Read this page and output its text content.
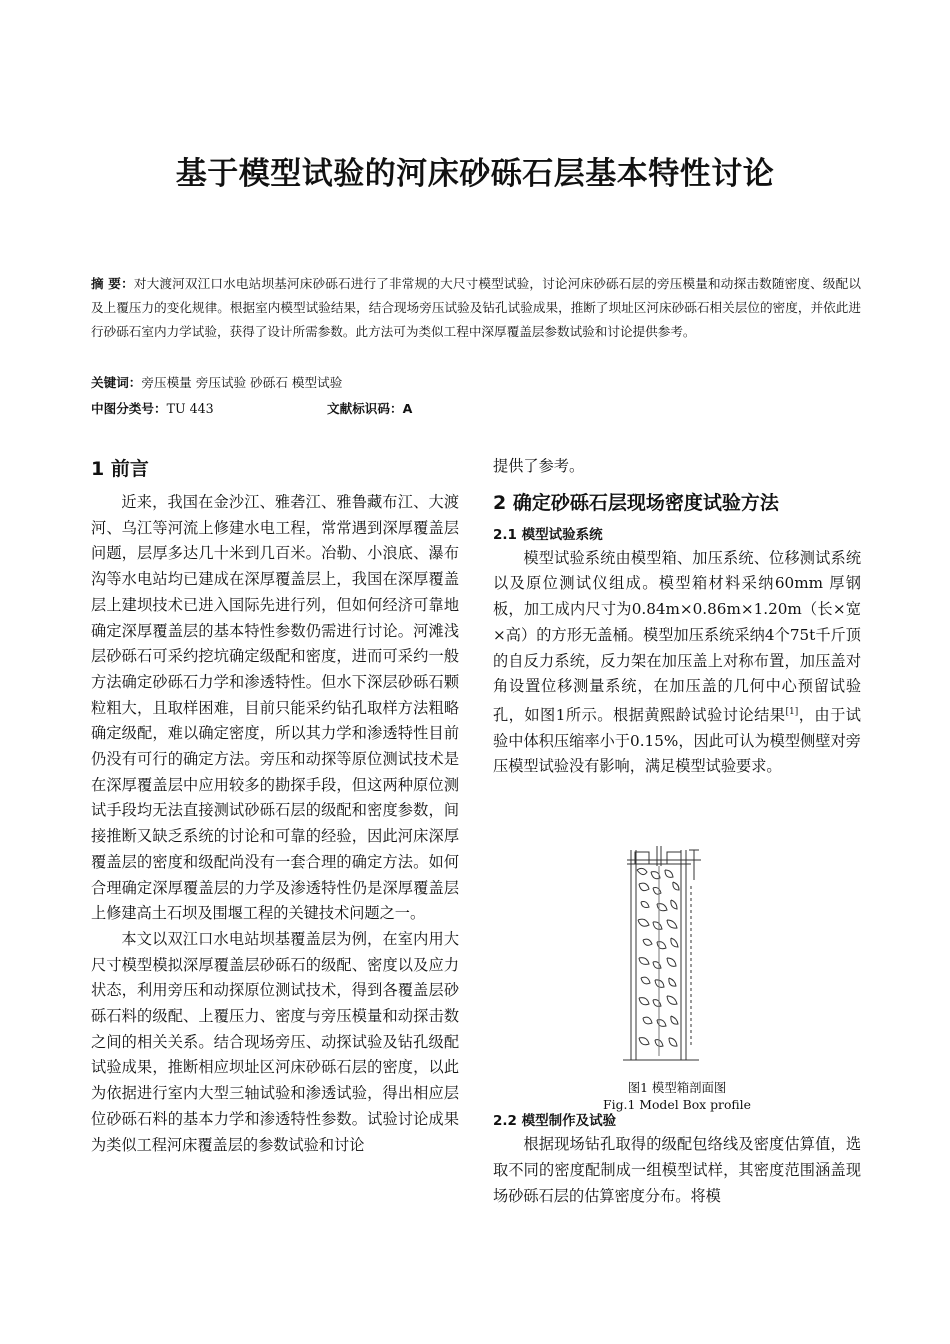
基于模型试验的河床砂砾石层基本特性讨论
摘 要：对大渡河双江口水电站坝基河床砂砾石进行了非常规的大尺寸模型试验，讨论河床砂砾石层的旁压模量和动探击数随密度、级配以及上覆压力的变化规律。根据室内模型试验结果，结合现场旁压试验及钻孔试验成果，推断了坝址区河床砂砾石相关层位的密度，并依此进行砂砾石室内力学试验，获得了设计所需参数。此方法可为类似工程中深厚覆盖层参数试验和讨论提供参考。
关键词：旁压模量 旁压试验 砂砾石 模型试验
中图分类号：TU 443	文献标识码：A
1 前言

近来，我国在金沙江、雅砻江、雅鲁藏布江、大渡河、乌江等河流上修建水电工程，常常遇到深厚覆盖层问题，层厚多达几十米到几百米。冶勒、小浪底、瀑布沟等水电站均已建成在深厚覆盖层上，我国在深厚覆盖层上建坝技术已进入国际先进行列，但如何经济可靠地确定深厚覆盖层的基本特性参数仍需进行讨论。河滩浅层砂砾石可采约挖坑确定级配和密度，进而可采约一般方法确定砂砾石力学和渗透特性。但水下深层砂砾石颗粒粗大，且取样困难，目前只能采约钻孔取样方法粗略确定级配，难以确定密度，所以其力学和渗透特性目前仍没有可行的确定方法。旁压和动探等原位测试技术是在深厚覆盖层中应用较多的勘探手段，但这两种原位测试手段均无法直接测试砂砾石层的级配和密度参数，间接推断又缺乏系统的讨论和可靠的经验，因此河床深厚覆盖层的密度和级配尚没有一套合理的确定方法。如何合理确定深厚覆盖层的力学及渗透特性仍是深厚覆盖层上修建高土石坝及围堰工程的关键技术问题之一。

本文以双江口水电站坝基覆盖层为例，在室内用大尺寸模型模拟深厚覆盖层砂砾石的级配、密度以及应力状态，利用旁压和动探原位测试技术，得到各覆盖层砂砾石料的级配、上覆压力、密度与旁压模量和动探击数之间的相关关系。结合现场旁压、动探试验及钻孔级配试验成果，推断相应坝址区河床砂砾石层的密度，以此为依据进行室内大型三轴试验和渗透试验，得出相应层位砂砾石料的基本力学和渗透特性参数。试验讨论成果为类似工程河床覆盖层的参数试验和讨论

提供了参考。

2 确定砂砾石层现场密度试验方法
2.1 模型试验系统

模型试验系统由模型箱、加压系统、位移测试系统以及原位测试仪组成。模型箱材料采纳60mm 厚钢板，加工成内尺寸为0.84m×0.86m×1.20m（长×宽×高）的方形无盖桶。模型加压系统采纳4个75t千斤顶的自反力系统，反力架在加压盖上对称布置，加压盖对角设置位移测量系统，在加压盖的几何中心预留试验孔，如图1所示。根据黄熙龄试验讨论结果[1]，由于试验中体积压缩率小于0.15%，因此可认为模型侧壁对旁压模型试验没有影响，满足模型试验要求。

图1 模型箱剖面图
Fig.1 Model Box profile
2.2 模型制作及试验

根据现场钻孔取得的级配包络线及密度估算值，选取不同的密度配制成一组模型试样，其密度范围涵盖现场砂砾石层的估算密度分布。将模
